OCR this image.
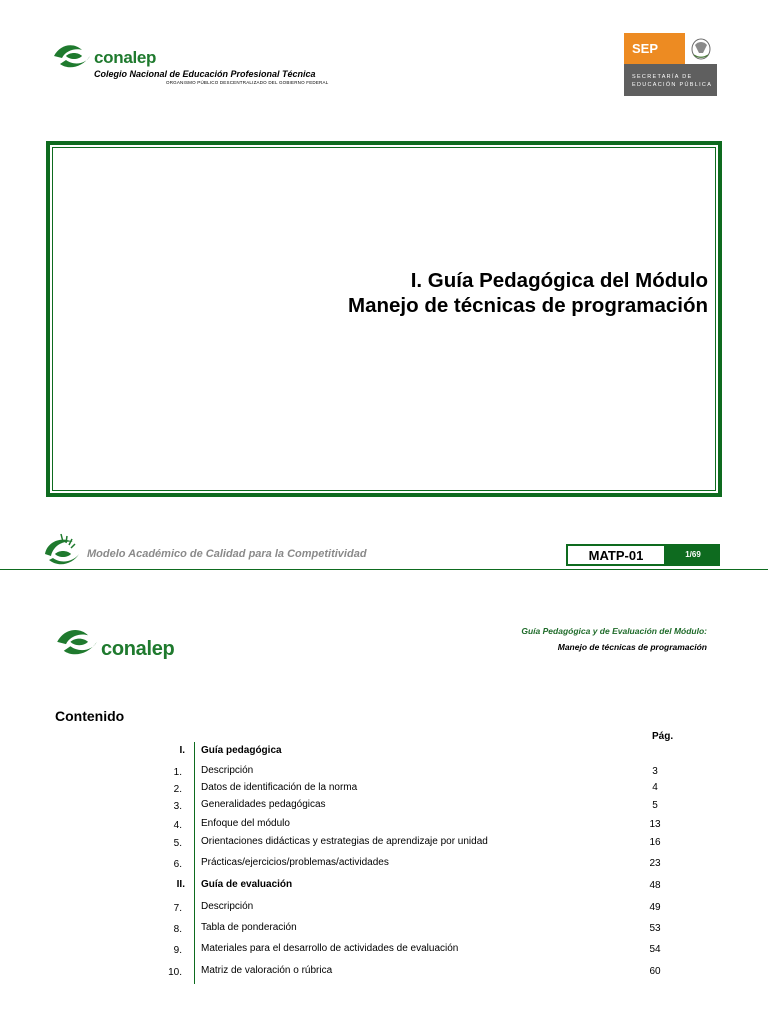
conalep
Colegio Nacional de Educación Profesional Técnica
ORGANISMO PÚBLICO DESCENTRALIZADO DEL GOBIERNO FEDERAL
SEP
SECRETARÍA DE
EDUCACIÓN PÚBLICA
I. Guía Pedagógica del Módulo
Manejo de técnicas de programación
Modelo Académico de Calidad para la Competitividad	MATP-01	1/69
conalep
Guía Pedagógica y de Evaluación del Módulo:
Manejo de técnicas de programación
Contenido
Pág.
I. Guía pedagógica
1. Descripción	3
2. Datos de identificación de la norma	4
3. Generalidades pedagógicas	5
4. Enfoque del módulo	13
5. Orientaciones didácticas y estrategias de aprendizaje por unidad	16
6. Prácticas/ejercicios/problemas/actividades	23
II. Guía de evaluación	48
7. Descripción	49
8. Tabla de ponderación	53
9. Materiales para el desarrollo de actividades de evaluación	54
10. Matriz de valoración o rúbrica	60
